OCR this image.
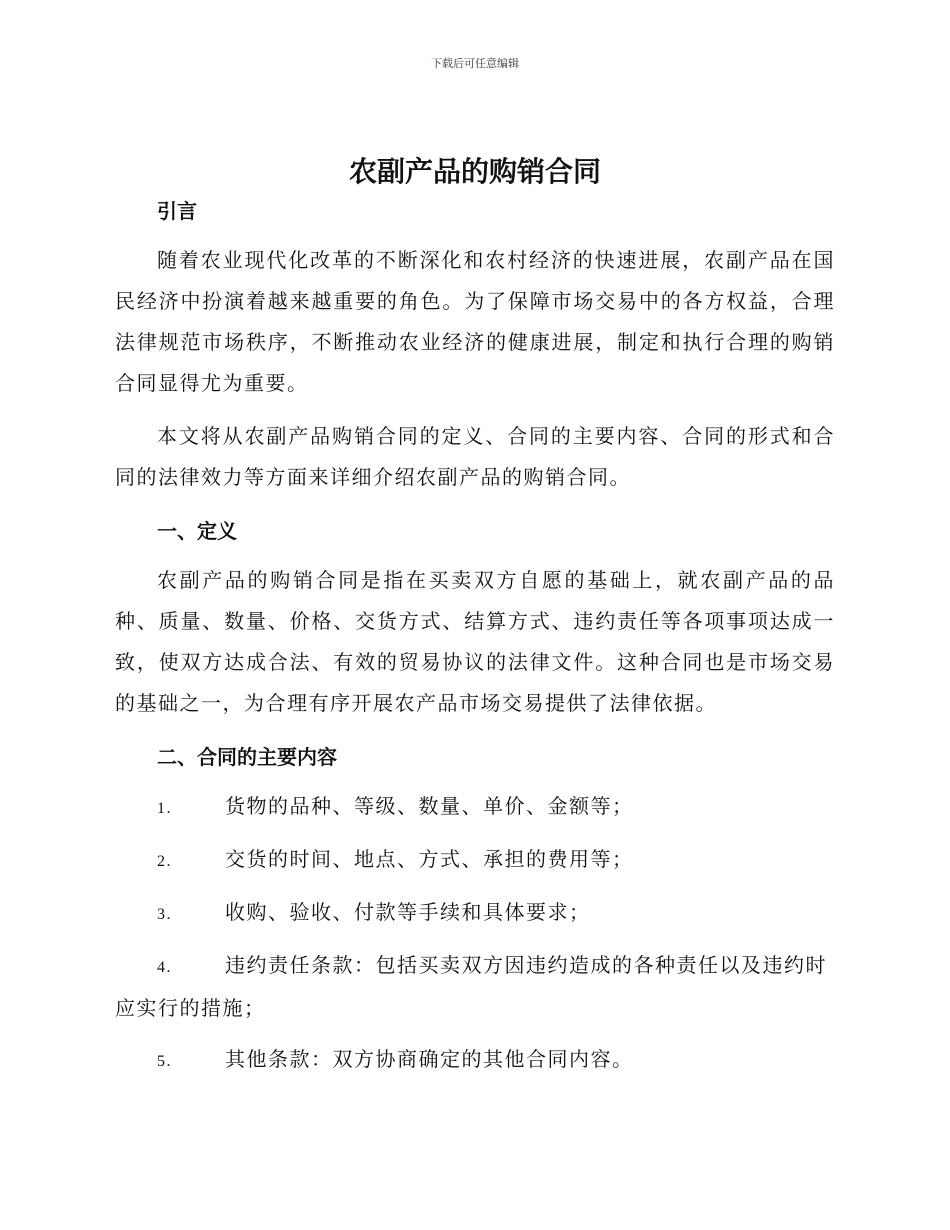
下载后可任意编辑
农副产品的购销合同

引言

随着农业现代化改革的不断深化和农村经济的快速进展，农副产品在国民经济中扮演着越来越重要的角色。为了保障市场交易中的各方权益，合理法律规范市场秩序，不断推动农业经济的健康进展，制定和执行合理的购销合同显得尤为重要。

本文将从农副产品购销合同的定义、合同的主要内容、合同的形式和合同的法律效力等方面来详细介绍农副产品的购销合同。

一、定义

农副产品的购销合同是指在买卖双方自愿的基础上，就农副产品的品种、质量、数量、价格、交货方式、结算方式、违约责任等各项事项达成一致，使双方达成合法、有效的贸易协议的法律文件。这种合同也是市场交易的基础之一，为合理有序开展农产品市场交易提供了法律依据。

二、合同的主要内容

1.	货物的品种、等级、数量、单价、金额等；
2.	交货的时间、地点、方式、承担的费用等；
3.	收购、验收、付款等手续和具体要求；
4.	违约责任条款：包括买卖双方因违约造成的各种责任以及违约时应实行的措施；
5.	其他条款：双方协商确定的其他合同内容。
